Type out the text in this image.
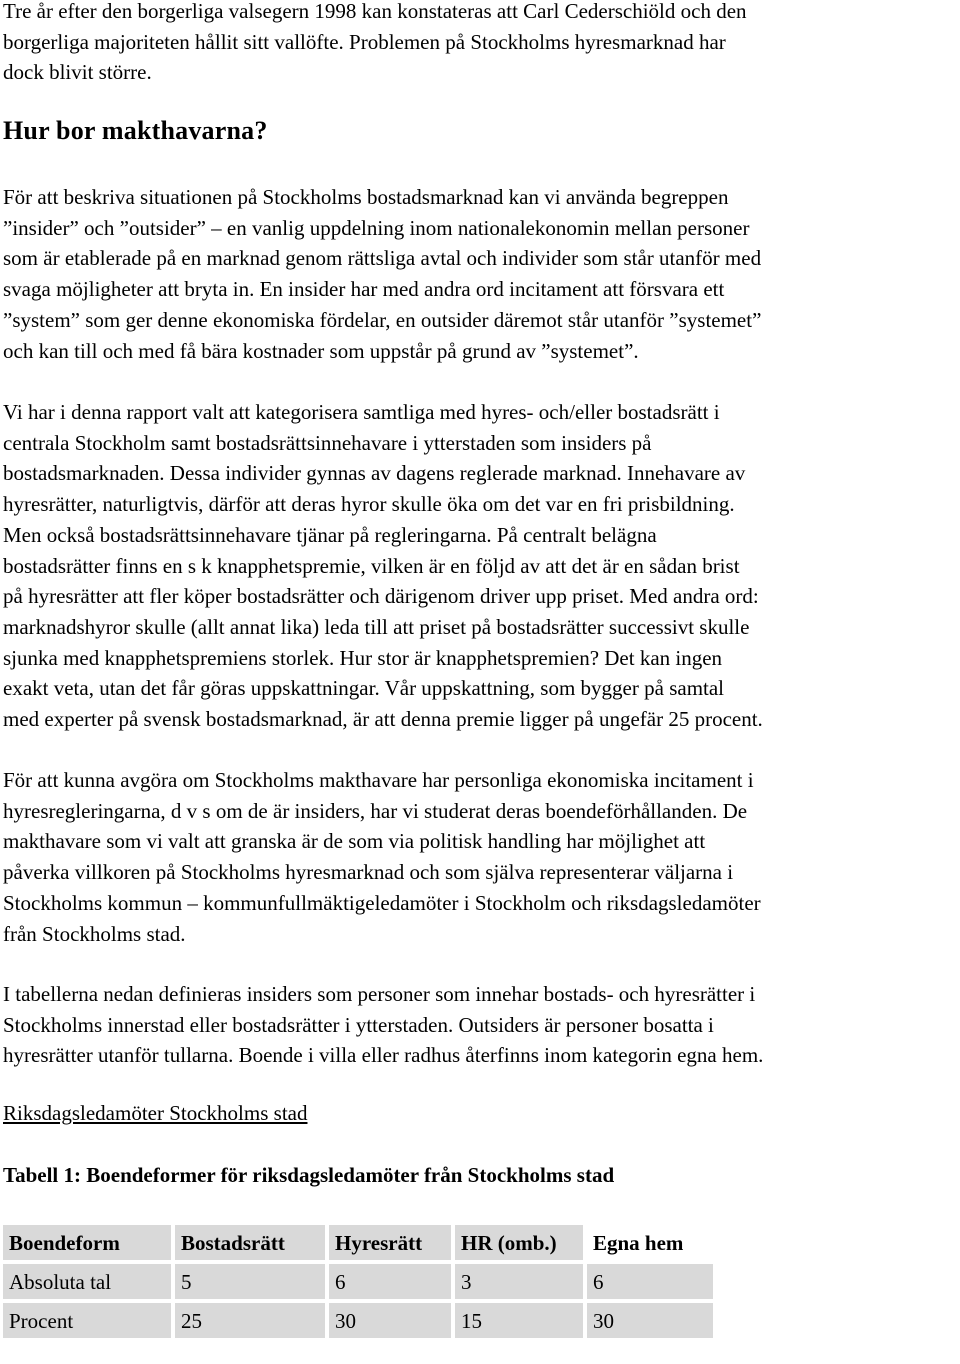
Tre år efter den borgerliga valsegern 1998 kan konstateras att Carl Cederschiöld och den
borgerliga majoriteten hållit sitt vallöfte. Problemen på Stockholms hyresmarknad har
dock blivit större.

Hur bor makthavarna?

För att beskriva situationen på Stockholms bostadsmarknad kan vi använda begreppen
”insider” och ”outsider” – en vanlig uppdelning inom nationalekonomin mellan personer
som är etablerade på en marknad genom rättsliga avtal och individer som står utanför med
svaga möjligheter att bryta in. En insider har med andra ord incitament att försvara ett
”system” som ger denne ekonomiska fördelar, en outsider däremot står utanför ”systemet”
och kan till och med få bära kostnader som uppstår på grund av ”systemet”.

Vi har i denna rapport valt att kategorisera samtliga med hyres- och/eller bostadsrätt i
centrala Stockholm samt bostadsrättsinnehavare i ytterstaden som insiders på
bostadsmarknaden. Dessa individer gynnas av dagens reglerade marknad. Innehavare av
hyresrätter, naturligtvis, därför att deras hyror skulle öka om det var en fri prisbildning.
Men också bostadsrättsinnehavare tjänar på regleringarna. På centralt belägna
bostadsrätter finns en s k knapphetspremie, vilken är en följd av att det är en sådan brist
på hyresrätter att fler köper bostadsrätter och därigenom driver upp priset. Med andra ord:
marknadshyror skulle (allt annat lika) leda till att priset på bostadsrätter successivt skulle
sjunka med knapphetspremiens storlek. Hur stor är knapphetspremien? Det kan ingen
exakt veta, utan det får göras uppskattningar. Vår uppskattning, som bygger på samtal
med experter på svensk bostadsmarknad, är att denna premie ligger på ungefär 25 procent.

För att kunna avgöra om Stockholms makthavare har personliga ekonomiska incitament i
hyresregleringarna, d v s om de är insiders, har vi studerat deras boendeförhållanden. De
makthavare som vi valt att granska är de som via politisk handling har möjlighet att
påverka villkoren på Stockholms hyresmarknad och som själva representerar väljarna i
Stockholms kommun – kommunfullmäktigeledamöter i Stockholm och riksdagsledamöter
från Stockholms stad.

I tabellerna nedan definieras insiders som personer som innehar bostads- och hyresrätter i
Stockholms innerstad eller bostadsrätter i ytterstaden. Outsiders är personer bosatta i
hyresrätter utanför tullarna. Boende i villa eller radhus återfinns inom kategorin egna hem.

Riksdagsledamöter Stockholms stad
Tabell 1: Boendeformer för riksdagsledamöter från Stockholms stad
Boendeform	Bostadsrätt	Hyresrätt	HR (omb.)	Egna hem
Absoluta tal	5	6	3	6
Procent	25	30	15	30
